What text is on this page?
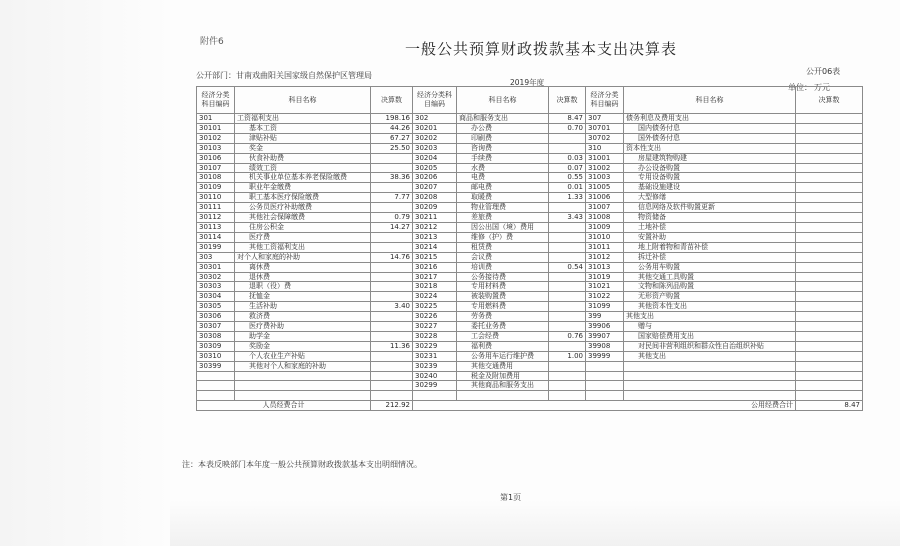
附件6	一般公共预算财政拨款基本支出决算表
公开06表
单位： 万元
公开部门：甘南戏曲阳关国家级自然保护区管理局
2019年度
经济分类科目编码	科目名称	决算数	经济分类科目编码	科目名称	决算数	经济分类科目编码	科目名称	决算数
301	工资福利支出	198.16	302	商品和服务支出	8.47	307	债务利息及费用支出	
30101	基本工资	44.26	30201	办公费	0.70	30701	国内债务付息	
30102	津贴补贴	67.27	30202	印刷费		30702	国外债务付息	
30103	奖金	25.50	30203	咨询费		310	资本性支出	
30106	伙食补助费		30204	手续费	0.03	31001	房屋建筑物购建	
30107	绩效工资		30205	水费	0.07	31002	办公设备购置	
30108	机关事业单位基本养老保险缴费	38.36	30206	电费	0.55	31003	专用设备购置	
30109	职业年金缴费		30207	邮电费	0.01	31005	基础设施建设	
30110	职工基本医疗保险缴费	7.77	30208	取暖费	1.33	31006	大型修缮	
30111	公务员医疗补助缴费		30209	物业管理费		31007	信息网络及软件购置更新	
30112	其他社会保障缴费	0.79	30211	差旅费	3.43	31008	物资储备	
30113	住房公积金	14.27	30212	因公出国（境）费用		31009	土地补偿	
30114	医疗费		30213	维修（护）费		31010	安置补助	
30199	其他工资福利支出		30214	租赁费		31011	地上附着物和青苗补偿	
303	对个人和家庭的补助	14.76	30215	会议费		31012	拆迁补偿	
30301	离休费		30216	培训费	0.54	31013	公务用车购置	
30302	退休费		30217	公务接待费		31019	其他交通工具购置	
30303	退职（役）费		30218	专用材料费		31021	文物和陈列品购置	
30304	抚恤金		30224	被装购置费		31022	无形资产购置	
30305	生活补助	3.40	30225	专用燃料费		31099	其他资本性支出	
30306	救济费		30226	劳务费		399	其他支出	
30307	医疗费补助		30227	委托业务费		39906	赠与	
30308	助学金		30228	工会经费	0.76	39907	国家赔偿费用支出	
30309	奖励金	11.36	30229	福利费		39908	对民间非营利组织和群众性自治组织补贴	
30310	个人农业生产补贴		30231	公务用车运行维护费	1.00	39999	其他支出	
30399	其他对个人和家庭的补助		30239	其他交通费用				
			30240	税金及附加费用				
			30299	其他商品和服务支出				

人员经费合计		212.92	公用经费合计					8.47
注：本表反映部门本年度一般公共预算财政拨款基本支出明细情况。
第1页
